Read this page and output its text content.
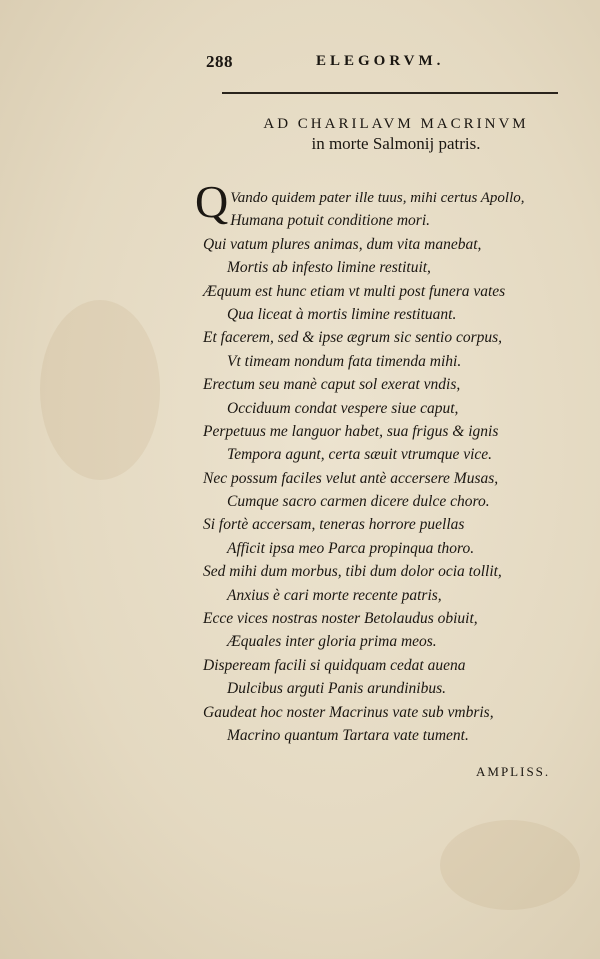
288	ELEGORVM.
AD CHARILAVM MACRINVM
in morte Salmonij patris.
Q Vando quidem pater ille tuus, mihi certus Apollo,
Humana potuit conditione mori.
Qui vatum plures animas, dum vita manebat,
Mortis ab infesto limine restituit,
Æquum est hunc etiam vt multi post funera vates
Qua liceat à mortis limine restituant.
Et facerem, sed & ipse ægrum sic sentio corpus,
Vt timeam nondum fata timenda mihi.
Erectum seu manè caput sol exerat vndis,
Occiduum condat vespere siue caput,
Perpetuus me languor habet, sua frigus & ignis
Tempora agunt, certa sæuit vtrumque vice.
Nec possum faciles velut antè accersere Musas,
Cumque sacro carmen dicere dulce choro.
Si fortè accersam, teneras horrore puellas
Afficit ipsa meo Parca propinqua thoro.
Sed mihi dum morbus, tibi dum dolor ocia tollit,
Anxius è cari morte recente patris,
Ecce vices nostras noster Betolaudus obiuit,
Æquales inter gloria prima meos.
Dispeream facili si quidquam cedat auena
Dulcibus arguti Panis arundinibus.
Gaudeat hoc noster Macrinus vate sub vmbris,
Macrino quantum Tartara vate tument.
AMPLISS.
